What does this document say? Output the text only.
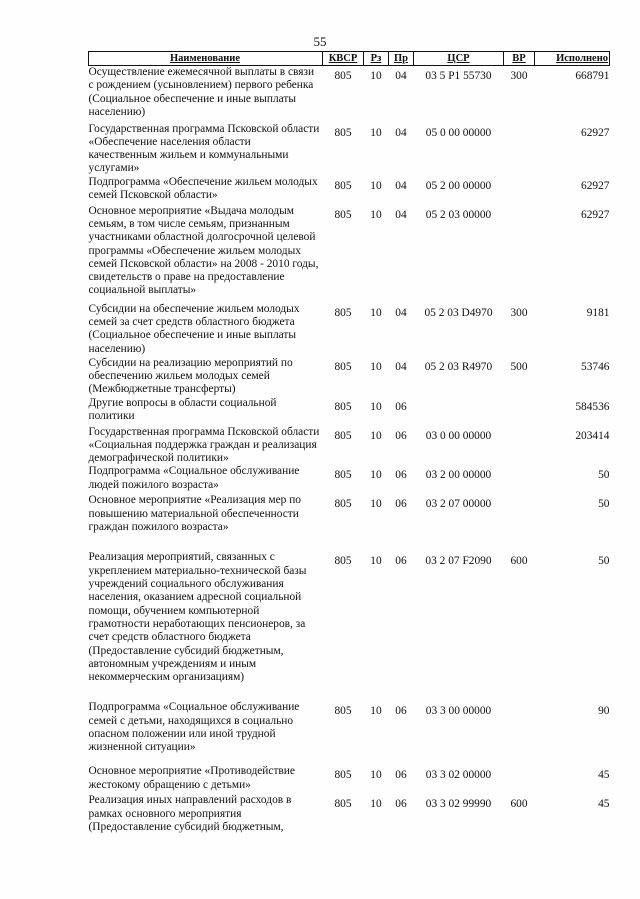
55
Наименование	КВСР	Рз	Пр	ЦСР	ВР	Исполнено
Осуществление ежемесячной выплаты в связи с рождением (усыновлением) первого ребенка (Социальное обеспечение и иные выплаты населению)	805	10	04	03 5 P1 55730	300	668791
Государственная программа Псковской области «Обеспечение населения области качественным жильем и коммунальными услугами»	805	10	04	05 0 00 00000		62927
Подпрограмма «Обеспечение жильем молодых семей Псковской области»	805	10	04	05 2 00 00000		62927
Основное мероприятие «Выдача молодым семьям, в том числе семьям, признанным участниками областной долгосрочной целевой программы «Обеспечение жильем молодых семей Псковской области» на 2008 - 2010 годы, свидетельств о праве на предоставление социальной выплаты»	805	10	04	05 2 03 00000		62927
Субсидии на обеспечение жильем молодых семей за счет средств областного бюджета (Социальное обеспечение и иные выплаты населению)	805	10	04	05 2 03 D4970	300	9181
Субсидии на реализацию мероприятий по обеспечению жильем молодых семей (Межбюджетные трансферты)	805	10	04	05 2 03 R4970	500	53746
Другие вопросы в области социальной политики	805	10	06			584536
Государственная программа Псковской области «Социальная поддержка граждан и реализация демографической политики»	805	10	06	03 0 00 00000		203414
Подпрограмма «Социальное обслуживание людей пожилого возраста»	805	10	06	03 2 00 00000		50
Основное мероприятие «Реализация мер по повышению материальной обеспеченности граждан пожилого возраста»	805	10	06	03 2 07 00000		50
Реализация мероприятий, связанных с укреплением материально-технической базы учреждений социального обслуживания населения, оказанием адресной социальной помощи, обучением компьютерной грамотности неработающих пенсионеров, за счет средств областного бюджета (Предоставление субсидий бюджетным, автономным учреждениям и иным некоммерческим организациям)	805	10	06	03 2 07 F2090	600	50
Подпрограмма «Социальное обслуживание семей с детьми, находящихся в социально опасном положении или иной трудной жизненной ситуации»	805	10	06	03 3 00 00000		90
Основное мероприятие «Противодействие жестокому обращению с детьми»	805	10	06	03 3 02 00000		45
Реализация иных направлений расходов в рамках основного мероприятия (Предоставление субсидий бюджетным,	805	10	06	03 3 02 99990	600	45
